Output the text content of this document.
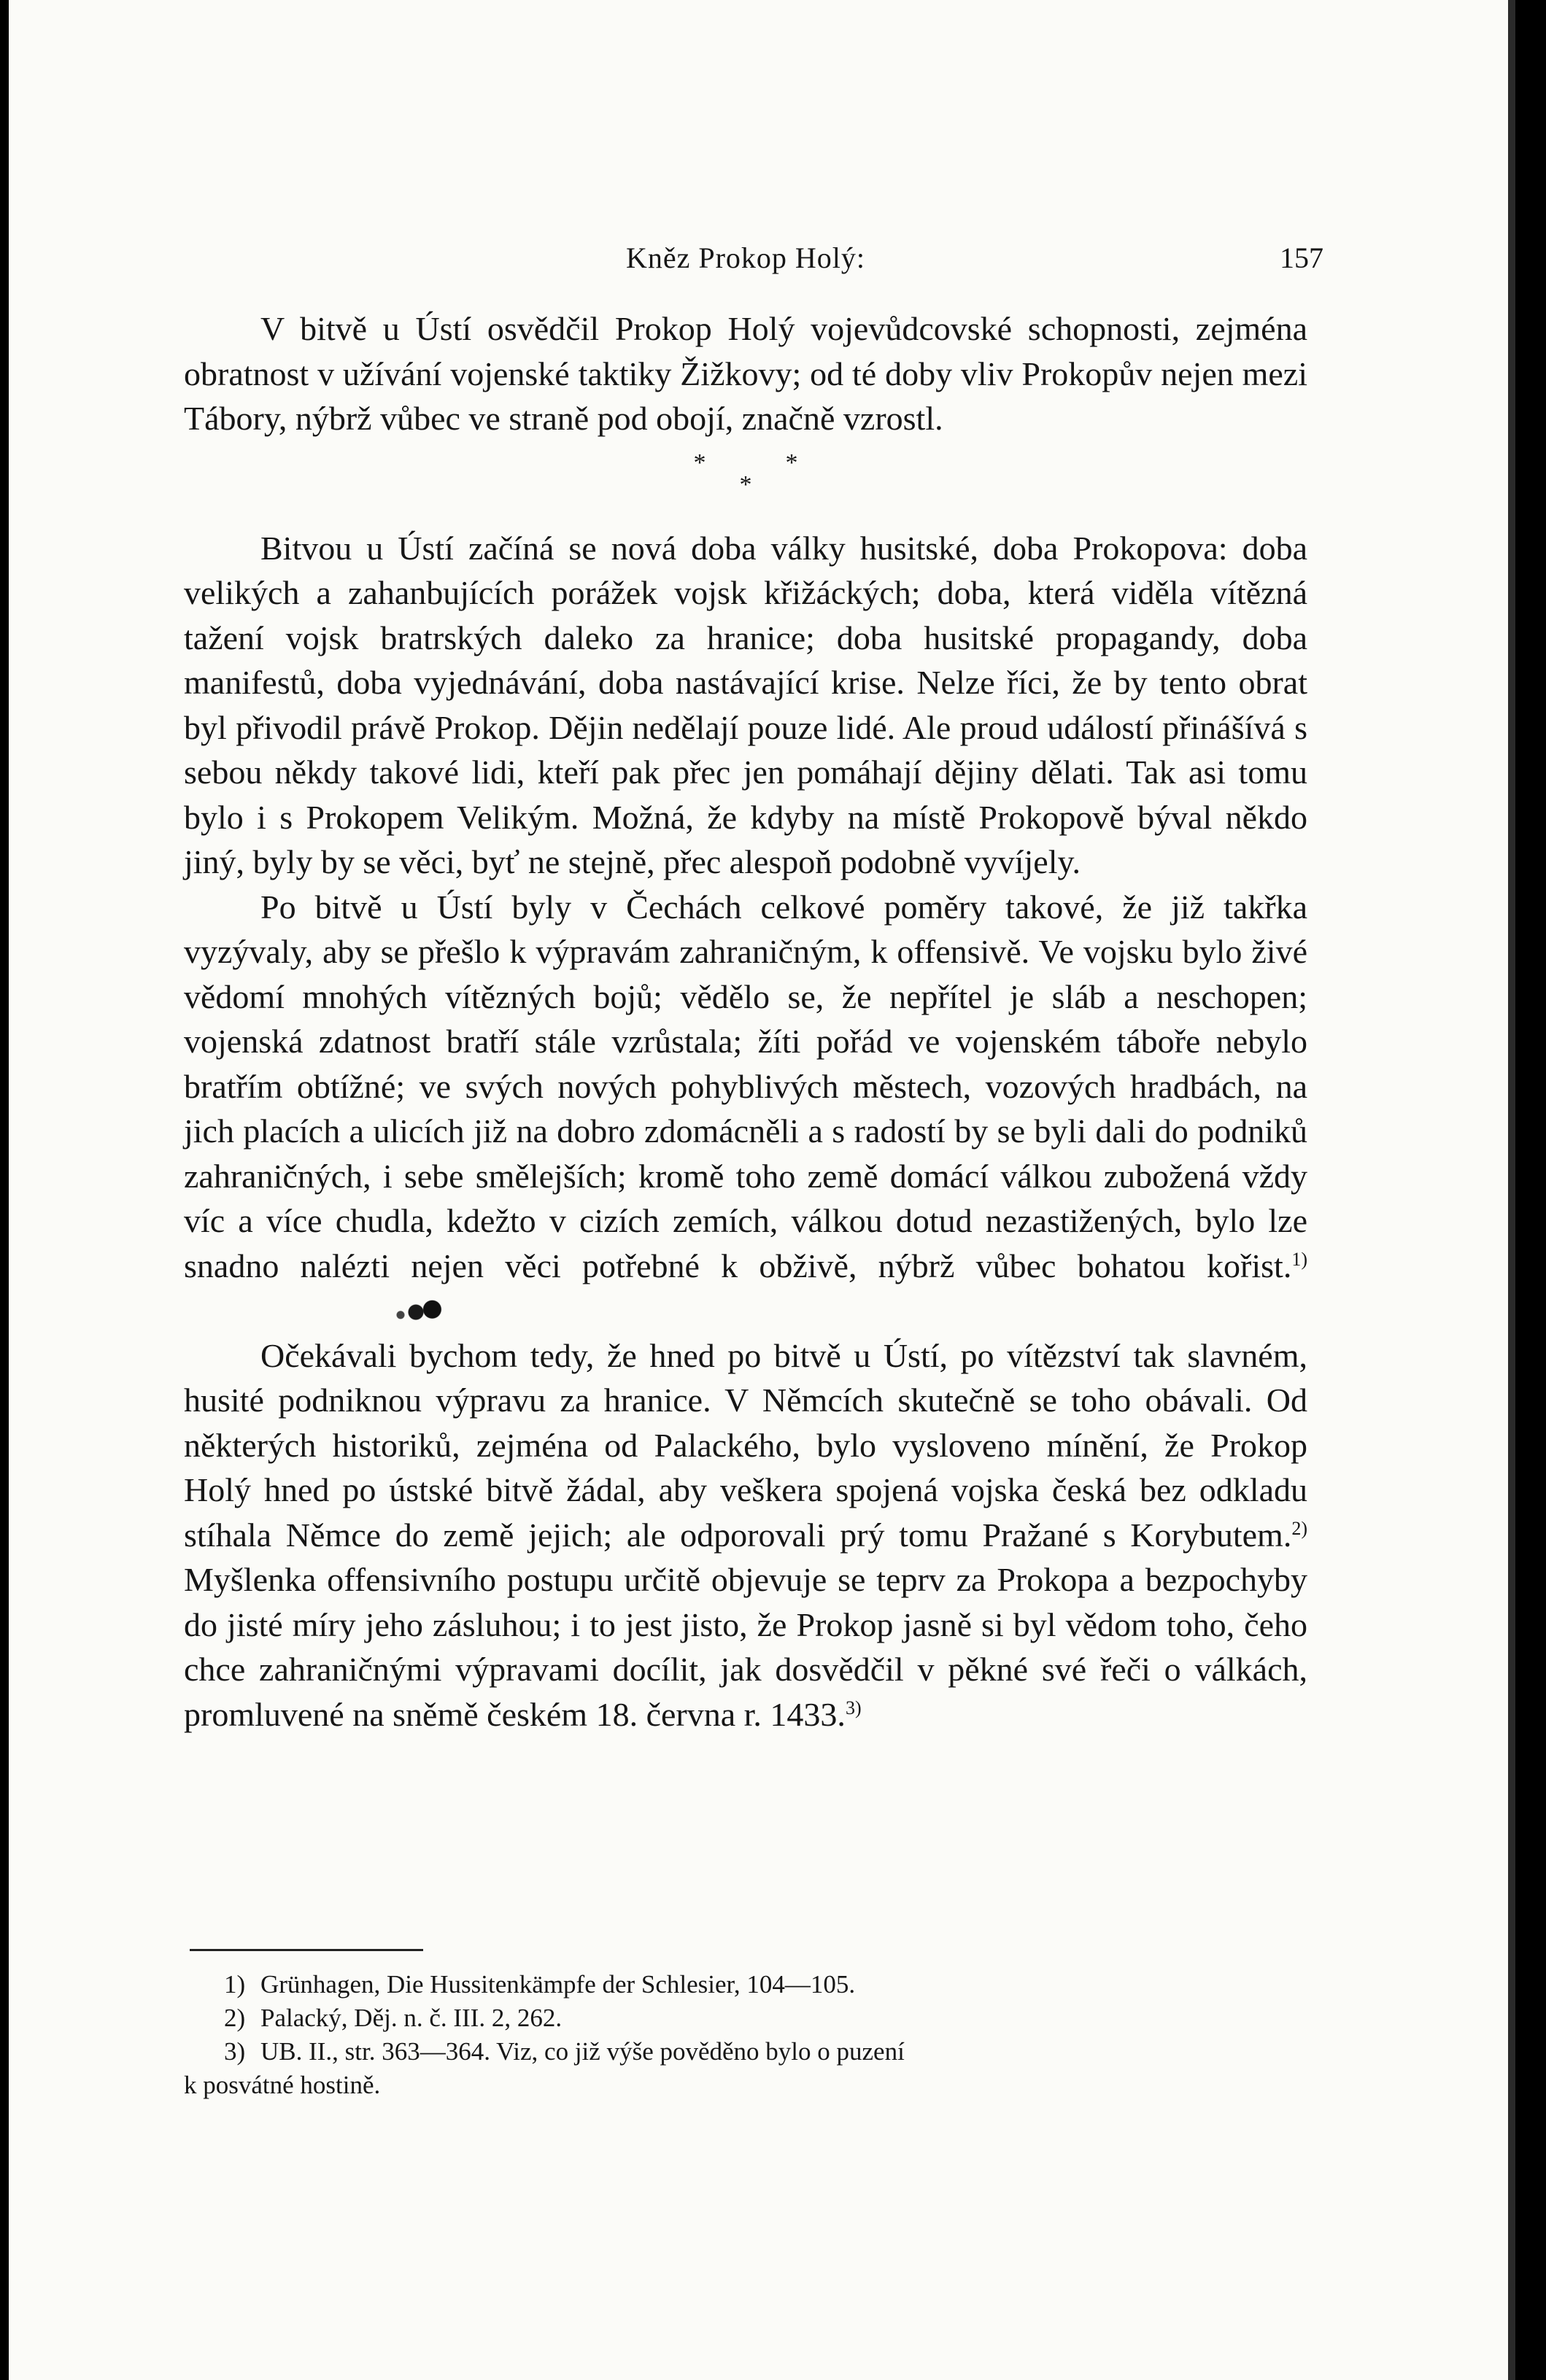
Kněz Prokop Holý:	157

V bitvě u Ústí osvědčil Prokop Holý vojevůdcovské schopnosti, zejména obratnost v užívání vojenské taktiky Žižkovy; od té doby vliv Prokopův nejen mezi Tábory, nýbrž vůbec ve straně pod obojí, značně vzrostl.

***

Bitvou u Ústí začíná se nová doba války husitské, doba Prokopova: doba velikých a zahanbujících porážek vojsk křižáckých; doba, která viděla vítězná tažení vojsk bratrských daleko za hranice; doba husitské propagandy, doba manifestů, doba vyjednávání, doba nastávající krise. Nelze říci, že by tento obrat byl přivodil právě Prokop. Dějin nedělají pouze lidé. Ale proud událostí přinášívá s sebou někdy takové lidi, kteří pak přec jen pomáhají dějiny dělati. Tak asi tomu bylo i s Prokopem Velikým. Možná, že kdyby na místě Prokopově býval někdo jiný, byly by se věci, byť ne stejně, přec alespoň podobně vyvíjely.

Po bitvě u Ústí byly v Čechách celkové poměry takové, že již takřka vyzývaly, aby se přešlo k výpravám zahraničným, k offensivě. Ve vojsku bylo živé vědomí mnohých vítězných bojů; vědělo se, že nepřítel je sláb a neschopen; vojenská zdatnost bratří stále vzrůstala; žíti pořád ve vojenském táboře nebylo bratřím obtížné; ve svých nových pohyblivých městech, vozových hradbách, na jich placích a ulicích již na dobro zdomácněli a s radostí by se byli dali do podniků zahraničných, i sebe smělejších; kromě toho země domácí válkou zubožená vždy víc a více chudla, kdežto v cizích zemích, válkou dotud nezastižených, bylo lze snadno nalézti nejen věci potřebné k obživě, nýbrž vůbec bohatou kořist.$^{1)}$

Očekávali bychom tedy, že hned po bitvě u Ústí, po vítězství tak slavném, husité podniknou výpravu za hranice. V Němcích skutečně se toho obávali. Od některých historiků, zejména od Palackého, bylo vysloveno mínění, že Prokop Holý hned po ústské bitvě žádal, aby veškera spojená vojska česká bez odkladu stíhala Němce do země jejich; ale odporovali prý tomu Pražané s Korybutem.$^{2)}$ Myšlenka offensivního postupu určitě objevuje se teprv za Prokopa a bezpochyby do jisté míry jeho zásluhou; i to jest jisto, že Prokop jasně si byl vědom toho, čeho chce zahraničnými výpravami docílit, jak dosvědčil v pěkné své řeči o válkách, promluvené na sněmě českém 18. června r. 1433.$^{3)}$

1) Grünhagen, Die Hussitenkämpfe der Schlesier, 104—105.

2) Palacký, Děj. n. č. III. 2, 262.

3) UB. II., str. 363—364. Viz, co již výše pověděno bylo o puzení

k posvátné hostině.
